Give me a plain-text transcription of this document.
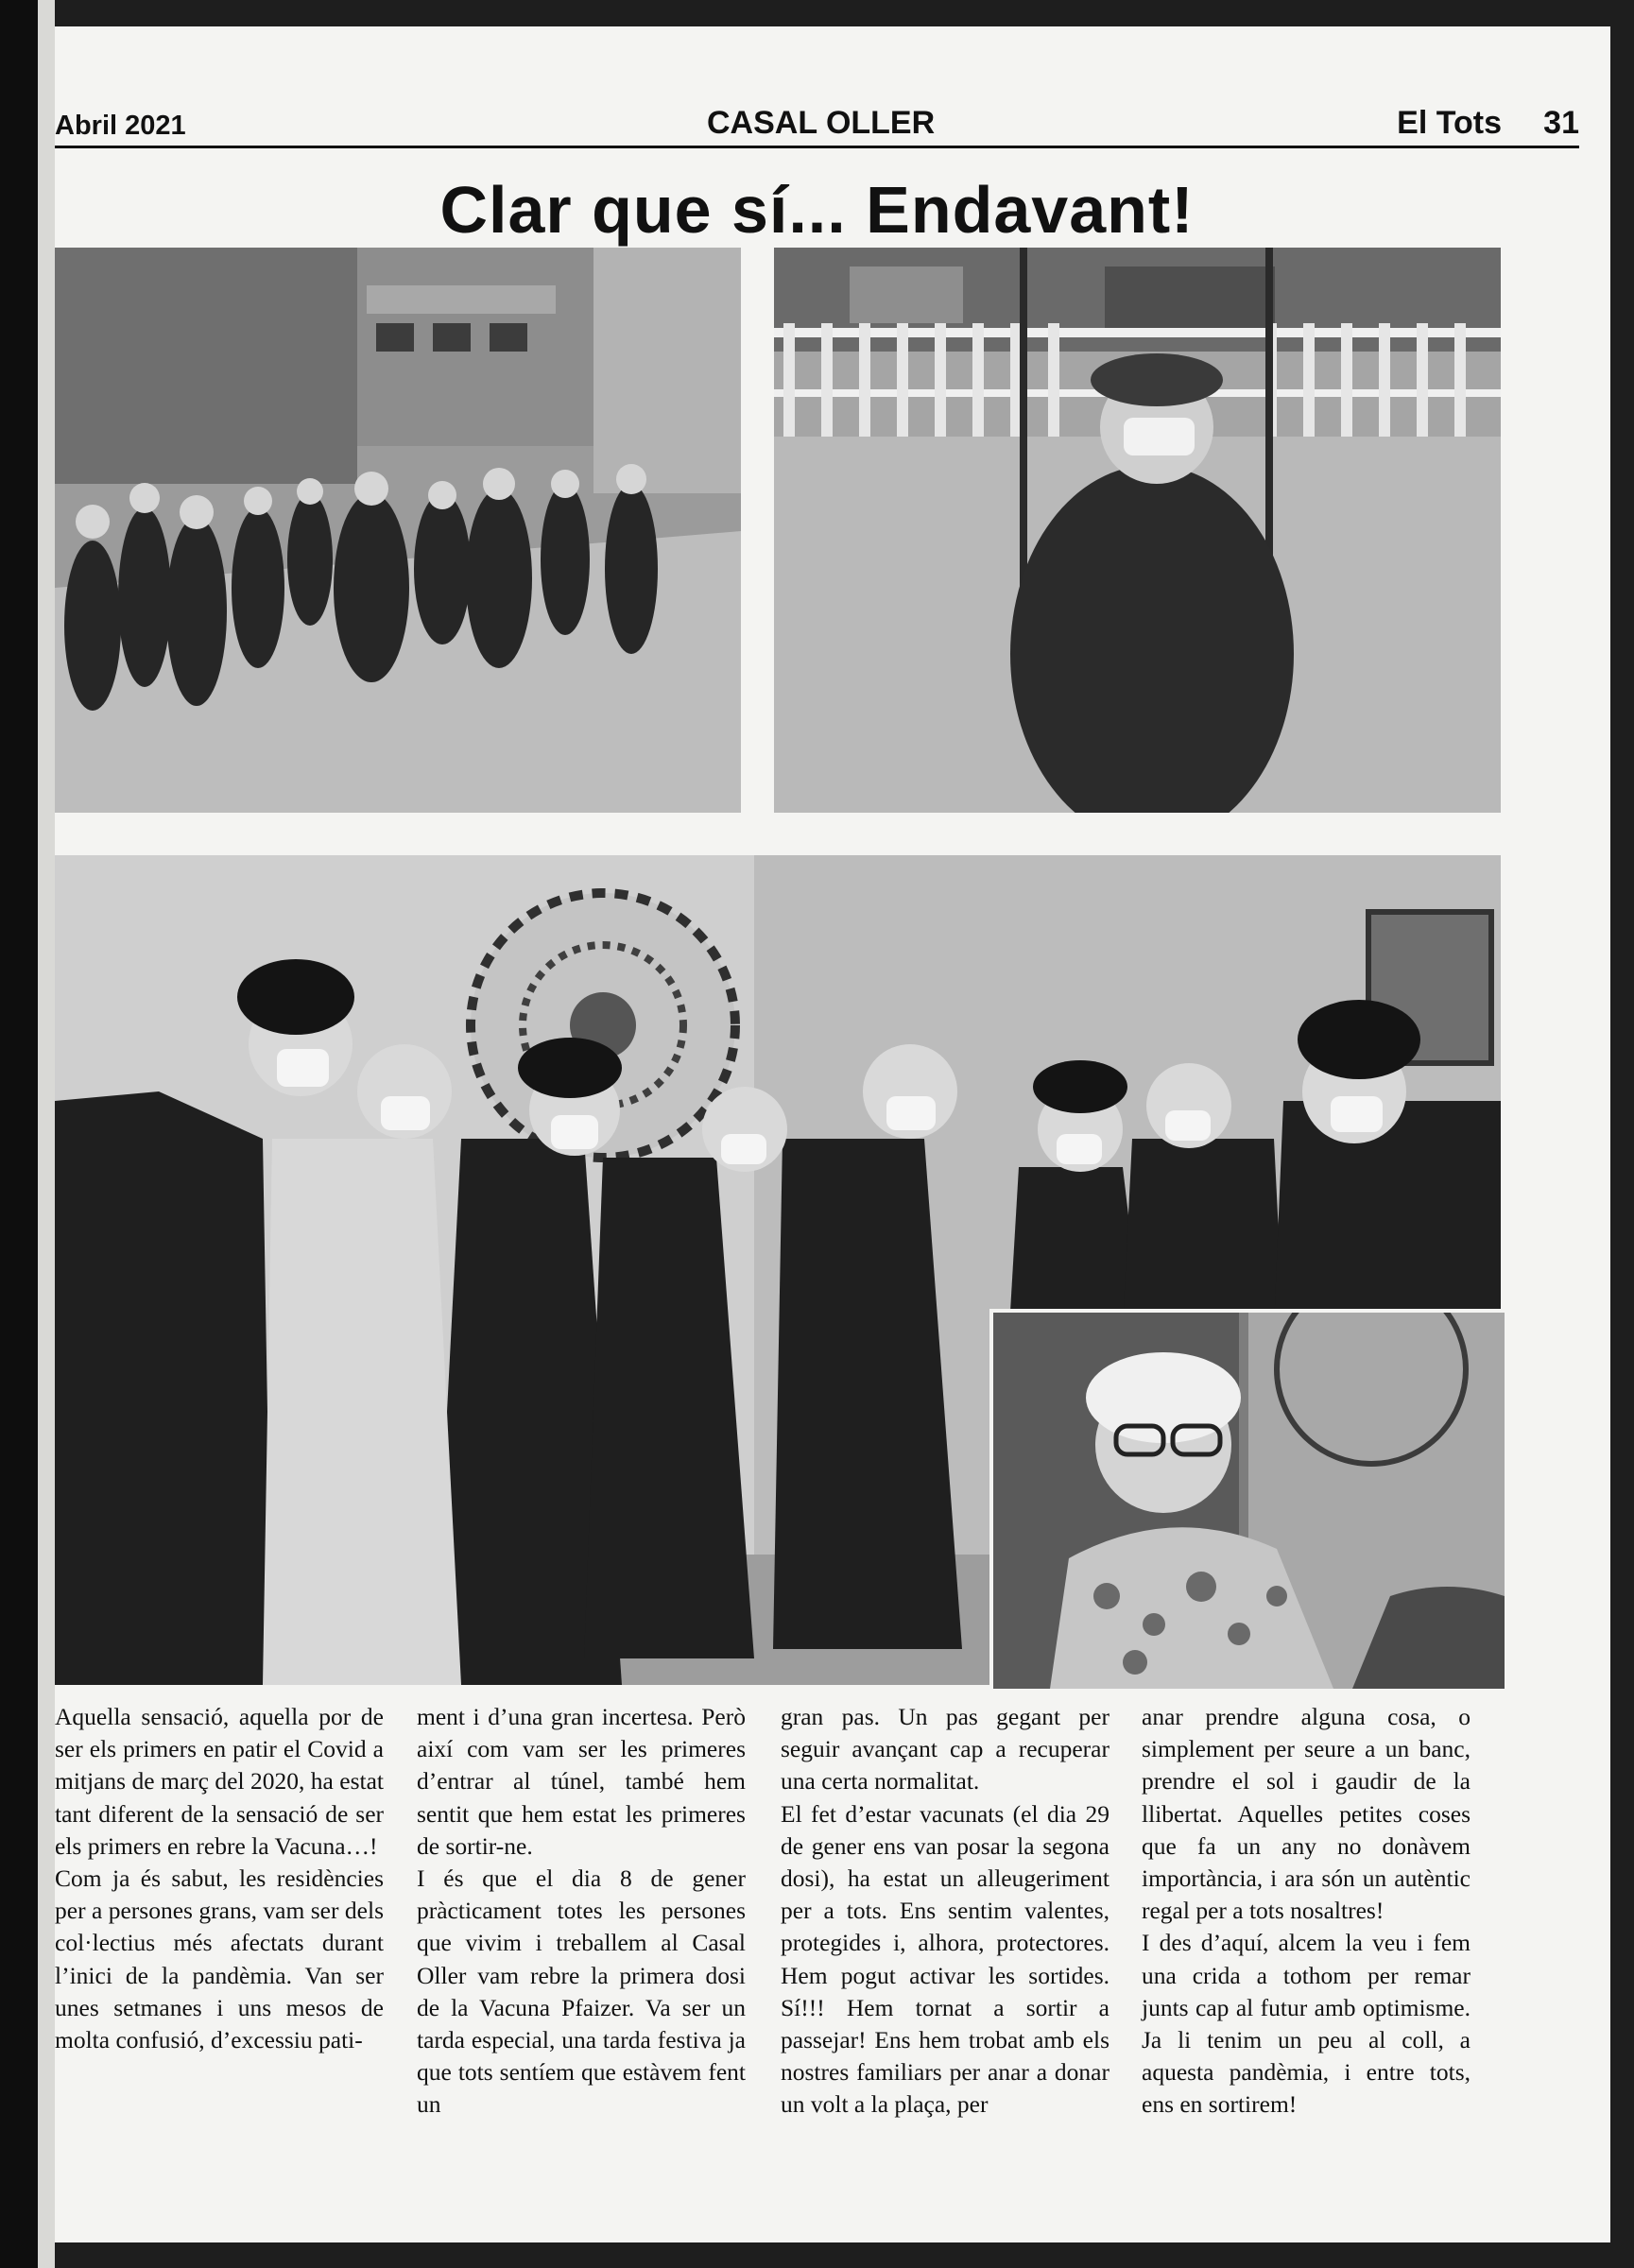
Abril 2021	CASAL OLLER	El Tots 31
Clar que sí... Endavant!

Aquella sensació, aquella por de ser els primers en patir el Covid a mitjans de març del 2020, ha estat tant diferent de la sensació de ser els primers en rebre la Vacuna…!

Com ja és sabut, les residències per a persones grans, vam ser dels col·lectius més afectats durant l’inici de la pandèmia. Van ser unes setmanes i uns mesos de molta confusió, d’excessiu pati-

ment i d’una gran incertesa. Però així com vam ser les primeres d’entrar al túnel, també hem sentit que hem estat les primeres de sortir-ne.

I és que el dia 8 de gener pràcticament totes les persones que vivim i treballem al Casal Oller vam rebre la primera dosi de la Vacuna Pfaizer. Va ser un tarda especial, una tarda festiva ja que tots sentíem que estàvem fent un

gran pas. Un pas gegant per seguir avançant cap a recuperar una certa normalitat.

El fet d’estar vacunats (el dia 29 de gener ens van posar la segona dosi), ha estat un alleugeriment per a tots. Ens sentim valentes, protegides i, alhora, protectores. Hem pogut activar les sortides. Sí!!! Hem tornat a sortir a passejar! Ens hem trobat amb els nostres familiars per anar a donar un volt a la plaça, per

anar prendre alguna cosa, o simplement per seure a un banc, prendre el sol i gaudir de la llibertat. Aquelles petites coses que fa un any no donàvem importància, i ara són un autèntic regal per a tots nosaltres!

I des d’aquí, alcem la veu i fem una crida a tothom per remar junts cap al futur amb optimisme. Ja li tenim un peu al coll, a aquesta pandèmia, i entre tots, ens en sortirem!
